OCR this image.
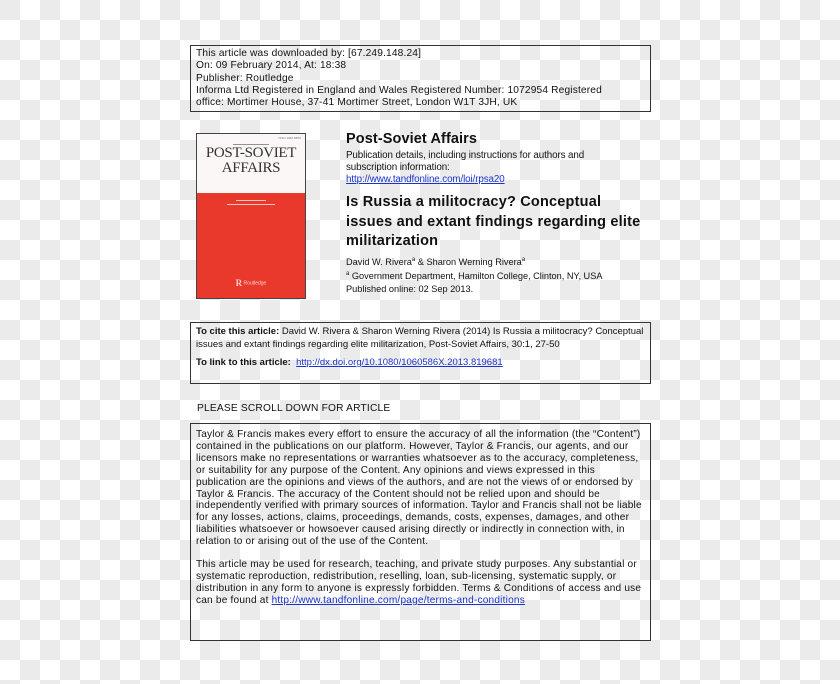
This article was downloaded by: [67.249.148.24]
On: 09 February 2014, At: 18:38
Publisher: Routledge
Informa Ltd Registered in England and Wales Registered Number: 1072954 Registered
office: Mortimer House, 37-41 Mortimer Street, London W1T 3JH, UK
ISSN 1060-586X
▬▬▬▬▬▬▬▬▬▬▬▬
POST-SOVIET
AFFAIRS
▬▬▬▬▬▬▬▬▬▬
▬▬▬▬▬▬▬▬▬▬▬▬▬▬▬▬
R Routledge
Post-Soviet Affairs
Publication details, including instructions for authors and
subscription information:
http://www.tandfonline.com/loi/rpsa20
Is Russia a militocracy? Conceptual issues and extant findings regarding elite militarization
David W. Rivera$^a$ & Sharon Werning Rivera$^a$
$^a$ Government Department, Hamilton College, Clinton, NY, USA
Published online: 02 Sep 2013.
To cite this article: David W. Rivera & Sharon Werning Rivera (2014) Is Russia a militocracy? Conceptual issues and extant findings regarding elite militarization, Post-Soviet Affairs, 30:1, 27-50
To link to this article: http://dx.doi.org/10.1080/1060586X.2013.819681
PLEASE SCROLL DOWN FOR ARTICLE

Taylor & Francis makes every effort to ensure the accuracy of all the information (the “Content”) contained in the publications on our platform. However, Taylor & Francis, our agents, and our licensors make no representations or warranties whatsoever as to the accuracy, completeness, or suitability for any purpose of the Content. Any opinions and views expressed in this publication are the opinions and views of the authors, and are not the views of or endorsed by Taylor & Francis. The accuracy of the Content should not be relied upon and should be independently verified with primary sources of information. Taylor and Francis shall not be liable for any losses, actions, claims, proceedings, demands, costs, expenses, damages, and other liabilities whatsoever or howsoever caused arising directly or indirectly in connection with, in relation to or arising out of the use of the Content.

This article may be used for research, teaching, and private study purposes. Any substantial or systematic reproduction, redistribution, reselling, loan, sub-licensing, systematic supply, or distribution in any form to anyone is expressly forbidden. Terms & Conditions of access and use can be found at http://www.tandfonline.com/page/terms-and-conditions
